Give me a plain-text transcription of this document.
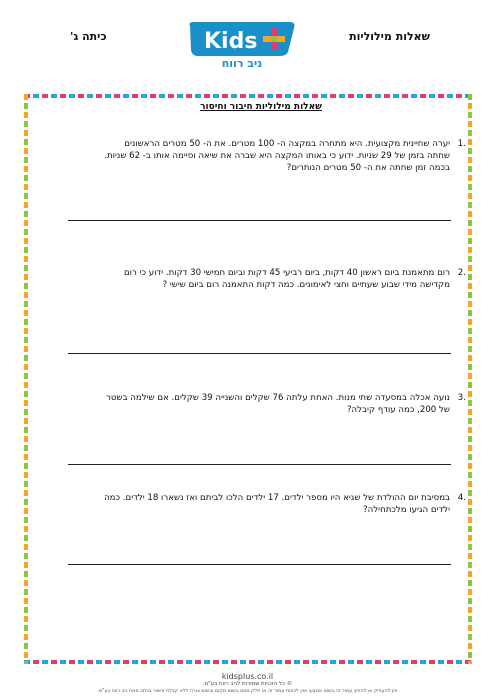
שאלות מילוליות
כיתה ג'	Kids
ניב רווח
שאלות מילוליות חיבור וחיסור
1.
יערה שחיינית מקצועית. היא מתחרה במקצה ה- 100 מטרים. את ה- 50 מטרים הראשונים שחתה בזמן של 29 שניות. ידוע כי באותו המקצה היא שברה את שיאה וסיימה אותו ב- 62 שניות. בכמה זמן שחתה את ה- 50 מטרים הנותרים?
2.
רום מתאמנת ביום ראשון 40 דקות, ביום רביעי 45 דקות וביום חמישי 30 דקות. ידוע כי רום מקדישה מידי שבוע שעתיים וחצי לאימונים. כמה דקות התאמנה רום ביום שישי ?
3.
נועה אכלה במסעדה שתי מנות. האחת עלתה 76 שקלים והשנייה 39 שקלים. אם שילמה בשטר של 200, כמה עודף קיבלה?
4.
במסיבת יום ההולדת של שגיא היו מספר ילדים. 17 ילדים הלכו לביתם ואז נשארו 18 ילדים. כמה ילדים הגיעו מלכתחילה?
kidsplus.co.il
© כל הזכויות שמורות לניב רווח בע"מ.
אין להעתיק או להפיץ עמוד זה בשום אמצעי ואין לכסות עמוד זה או חלק ממנו בשום מקום ובשום צורה ללא קבלת אישור בכתב מאת ניב רווח בע"מ.
